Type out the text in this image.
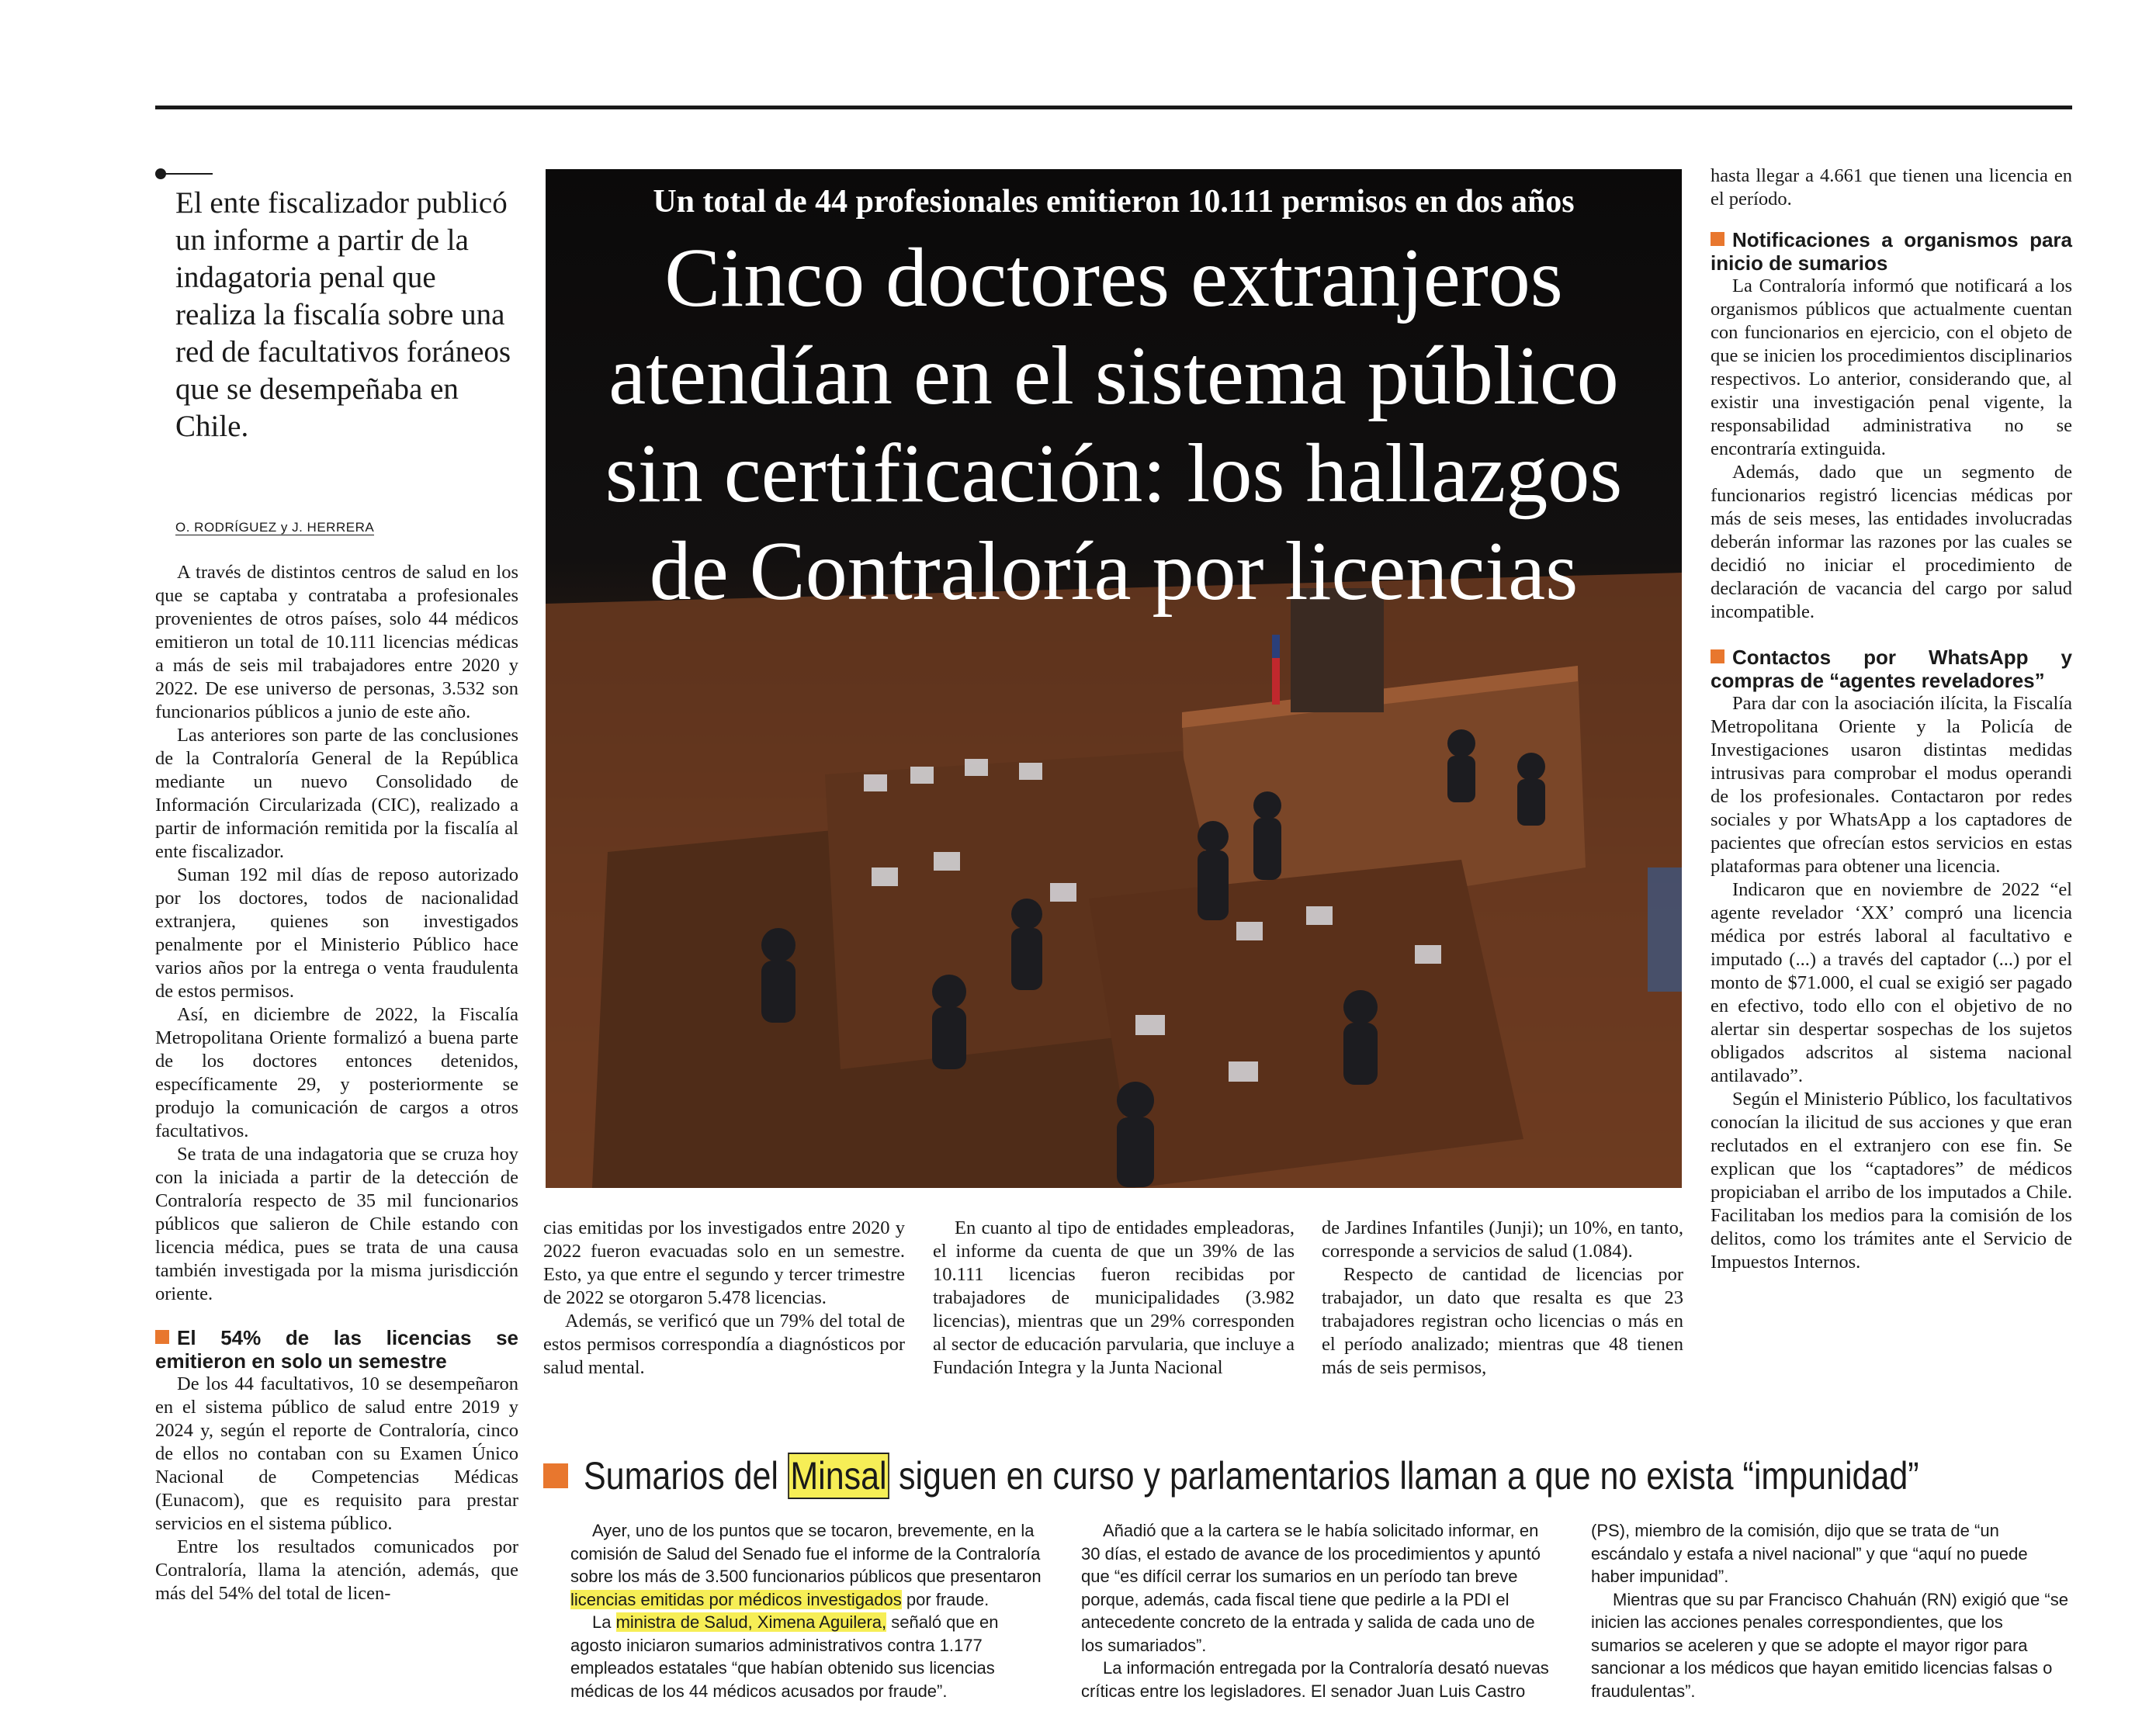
El ente fiscalizador publicó un informe a partir de la indagatoria penal que realiza la fiscalía sobre una red de facultativos foráneos que se desempeñaba en Chile.

O. RODRÍGUEZ y J. HERRERA

A través de distintos centros de salud en los que se captaba y contrataba a profesionales provenientes de otros países, solo 44 médicos emitieron un total de 10.111 licencias médicas a más de seis mil trabajadores entre 2020 y 2022. De ese universo de personas, 3.532 son funcionarios públicos a junio de este año.

Las anteriores son parte de las conclusiones de la Contraloría General de la República mediante un nuevo Consolidado de Información Circularizada (CIC), realizado a partir de información remitida por la fiscalía al ente fiscalizador.

Suman 192 mil días de reposo autorizado por los doctores, todos de nacionalidad extranjera, quienes son investigados penalmente por el Ministerio Público hace varios años por la entrega o venta fraudulenta de estos permisos.

Así, en diciembre de 2022, la Fiscalía Metropolitana Oriente formalizó a buena parte de los doctores entonces detenidos, específicamente 29, y posteriormente se produjo la comunicación de cargos a otros facultativos.

Se trata de una indagatoria que se cruza hoy con la iniciada a partir de la detección de Contraloría respecto de 35 mil funcionarios públicos que salieron de Chile estando con licencia médica, pues se trata de una causa también investigada por la misma jurisdicción oriente.

El 54% de las licencias se emitieron en solo un semestre

De los 44 facultativos, 10 se desempeñaron en el sistema público de salud entre 2019 y 2024 y, según el reporte de Contraloría, cinco de ellos no contaban con su Examen Único Nacional de Competencias Médicas (Eunacom), que es requisito para prestar servicios en el sistema público.

Entre los resultados comunicados por Contraloría, llama la atención, además, que más del 54% del total de licen-

Un total de 44 profesionales emitieron 10.111 permisos en dos años

Cinco doctores extranjeros atendían en el sistema público sin certificación: los hallazgos de Contraloría por licencias

cias emitidas por los investigados entre 2020 y 2022 fueron evacuadas solo en un semestre. Esto, ya que entre el segundo y tercer trimestre de 2022 se otorgaron 5.478 licencias.

Además, se verificó que un 79% del total de estos permisos correspondía a diagnósticos por salud mental.

En cuanto al tipo de entidades empleadoras, el informe da cuenta de que un 39% de las 10.111 licencias fueron recibidas por trabajadores de municipalidades (3.982 licencias), mientras que un 29% corresponden al sector de educación parvularia, que incluye a Fundación Integra y la Junta Nacional

de Jardines Infantiles (Junji); un 10%, en tanto, corresponde a servicios de salud (1.084).

Respecto de cantidad de licencias por trabajador, un dato que resalta es que 23 trabajadores registran ocho licencias o más en el período analizado; mientras que 48 tienen más de seis permisos,

hasta llegar a 4.661 que tienen una licencia en el período.

Notificaciones a organismos para inicio de sumarios

La Contraloría informó que notificará a los organismos públicos que actualmente cuentan con funcionarios en ejercicio, con el objeto de que se inicien los procedimientos disciplinarios respectivos. Lo anterior, considerando que, al existir una investigación penal vigente, la responsabilidad administrativa no se encontraría extinguida.

Además, dado que un segmento de funcionarios registró licencias médicas por más de seis meses, las entidades involucradas deberán informar las razones por las cuales se decidió no iniciar el procedimiento de declaración de vacancia del cargo por salud incompatible.

Contactos por WhatsApp y compras de “agentes reveladores”

Para dar con la asociación ilícita, la Fiscalía Metropolitana Oriente y la Policía de Investigaciones usaron distintas medidas intrusivas para comprobar el modus operandi de los profesionales. Contactaron por redes sociales y por WhatsApp a los captadores de pacientes que ofrecían estos servicios en estas plataformas para obtener una licencia.

Indicaron que en noviembre de 2022 “el agente revelador ‘XX’ compró una licencia médica por estrés laboral al facultativo e imputado (...) a través del captador (...) por el monto de $71.000, el cual se exigió ser pagado en efectivo, todo ello con el objetivo de no alertar sin despertar sospechas de los sujetos obligados adscritos al sistema nacional antilavado”.

Según el Ministerio Público, los facultativos conocían la ilicitud de sus acciones y que eran reclutados en el extranjero con ese fin. Se explican que los “captadores” de médicos propiciaban el arribo de los imputados a Chile. Facilitaban los medios para la comisión de los delitos, como los trámites ante el Servicio de Impuestos Internos.

Sumarios del Minsal siguen en curso y parlamentarios llaman a que no exista “impunidad”

Ayer, uno de los puntos que se tocaron, brevemente, en la comisión de Salud del Senado fue el informe de la Contraloría sobre los más de 3.500 funcionarios públicos que presentaron licencias emitidas por médicos investigados por fraude.

La ministra de Salud, Ximena Aguilera, señaló que en agosto iniciaron sumarios administrativos contra 1.177 empleados estatales “que habían obtenido sus licencias médicas de los 44 médicos acusados por fraude”.

Añadió que a la cartera se le había solicitado informar, en 30 días, el estado de avance de los procedimientos y apuntó que “es difícil cerrar los sumarios en un período tan breve porque, además, cada fiscal tiene que pedirle a la PDI el antecedente concreto de la entrada y salida de cada uno de los sumariados”.

La información entregada por la Contraloría desató nuevas críticas entre los legisladores. El senador Juan Luis Castro

(PS), miembro de la comisión, dijo que se trata de “un escándalo y estafa a nivel nacional” y que “aquí no puede haber impunidad”.

Mientras que su par Francisco Chahuán (RN) exigió que “se inicien las acciones penales correspondientes, que los sumarios se aceleren y que se adopte el mayor rigor para sancionar a los médicos que hayan emitido licencias falsas o fraudulentas”.
